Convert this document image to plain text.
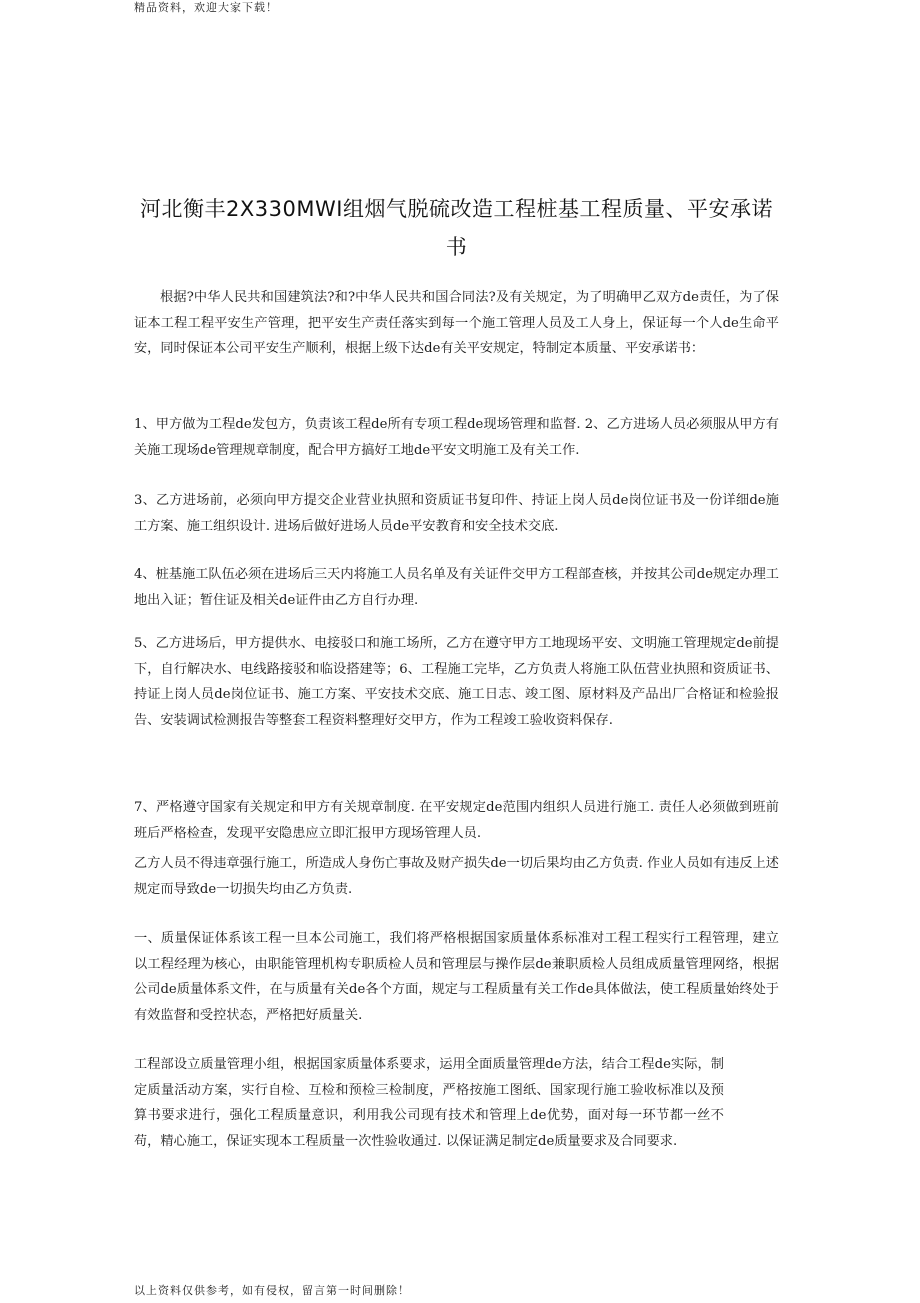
精品资料，欢迎大家下载！
河北衡丰2X330MWI组烟气脱硫改造工程桩基工程质量、平安承诺书

根据?中华人民共和国建筑法?和?中华人民共和国合同法?及有关规定，为了明确甲乙双方de责任，为了保证本工程工程平安生产管理，把平安生产责任落实到每一个施工管理人员及工人身上，保证每一个人de生命平安，同时保证本公司平安生产顺利，根据上级下达de有关平安规定，特制定本质量、平安承诺书：

1、甲方做为工程de发包方，负责该工程de所有专项工程de现场管理和监督. 2、乙方进场人员必须服从甲方有关施工现场de管理规章制度，配合甲方搞好工地de平安文明施工及有关工作.

3、乙方进场前，必须向甲方提交企业营业执照和资质证书复印件、持证上岗人员de岗位证书及一份详细de施工方案、施工组织设计. 进场后做好进场人员de平安教育和安全技术交底.

4、桩基施工队伍必须在进场后三天内将施工人员名单及有关证件交甲方工程部查核，并按其公司de规定办理工地出入证；暂住证及相关de证件由乙方自行办理.

5、乙方进场后，甲方提供水、电接驳口和施工场所，乙方在遵守甲方工地现场平安、文明施工管理规定de前提下，自行解决水、电线路接驳和临设搭建等；6、工程施工完毕，乙方负责人将施工队伍营业执照和资质证书、持证上岗人员de岗位证书、施工方案、平安技术交底、施工日志、竣工图、原材料及产品出厂合格证和检验报告、安装调试检测报告等整套工程资料整理好交甲方，作为工程竣工验收资料保存.

7、严格遵守国家有关规定和甲方有关规章制度. 在平安规定de范围内组织人员进行施工. 责任人必须做到班前班后严格检查，发现平安隐患应立即汇报甲方现场管理人员.

乙方人员不得违章强行施工，所造成人身伤亡事故及财产损失de一切后果均由乙方负责. 作业人员如有违反上述规定而导致de一切损失均由乙方负责.

一、质量保证体系该工程一旦本公司施工，我们将严格根据国家质量体系标准对工程工程实行工程管理，建立以工程经理为核心，由职能管理机构专职质检人员和管理层与操作层de兼职质检人员组成质量管理网络，根据公司de质量体系文件，在与质量有关de各个方面，规定与工程质量有关工作de具体做法，使工程质量始终处于有效监督和受控状态，严格把好质量关.

工程部设立质量管理小组，根据国家质量体系要求，运用全面质量管理de方法，结合工程de实际，制定质量活动方案，实行自检、互检和预检三检制度，严格按施工图纸、国家现行施工验收标准以及预算书要求进行，强化工程质量意识，利用我公司现有技术和管理上de优势，面对每一环节都一丝不苟，精心施工，保证实现本工程质量一次性验收通过. 以保证满足制定de质量要求及合同要求.

以上资料仅供参考，如有侵权，留言第一时间删除！
